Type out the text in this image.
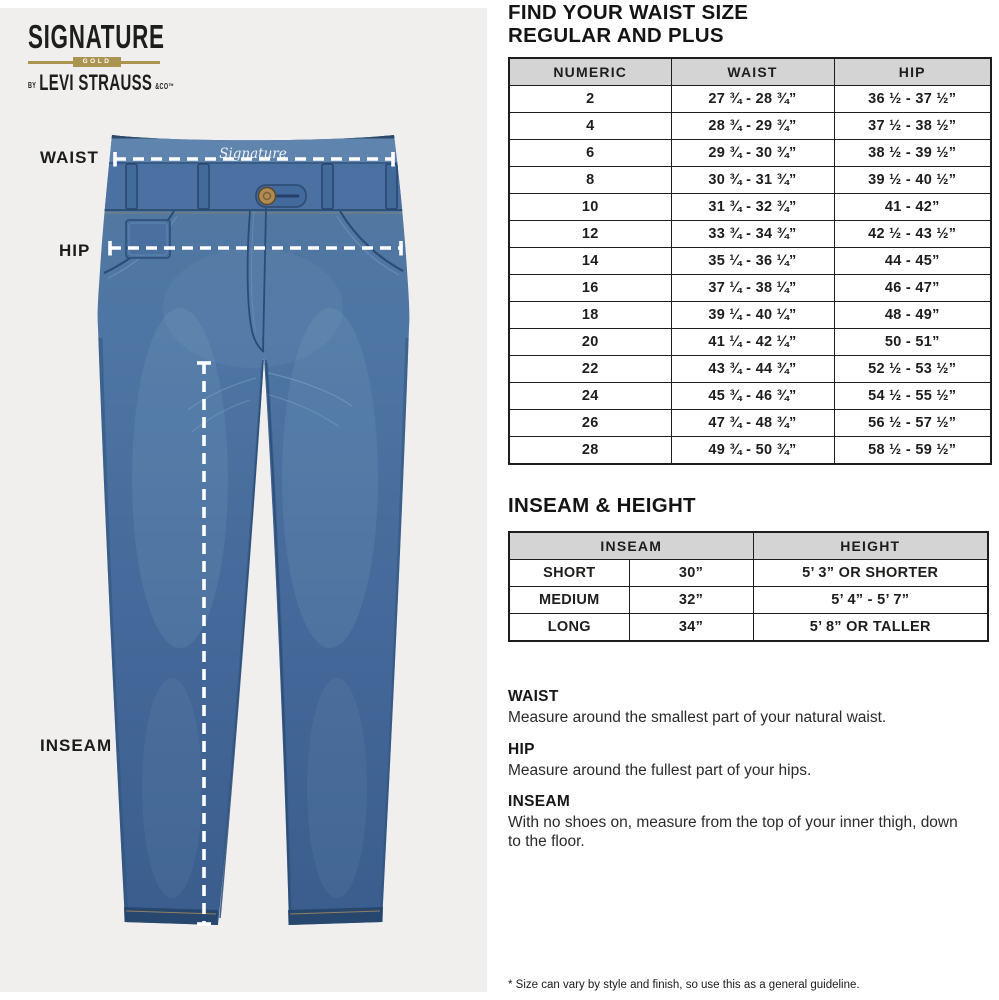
Signature
SIGNATURE
GOLD
BY LEVI STRAUSS &CO™
WAIST
HIP
INSEAM
FIND YOUR WAIST SIZE
REGULAR AND PLUS
NUMERIC	WAIST	HIP
2	27 ¾ - 28 ¾”	36 ½ - 37 ½”
4	28 ¾ - 29 ¾”	37 ½ - 38 ½”
6	29 ¾ - 30 ¾”	38 ½ - 39 ½”
8	30 ¾ - 31 ¾”	39 ½ - 40 ½”
10	31 ¾ - 32 ¾”	41 - 42”
12	33 ¾ - 34 ¾”	42 ½ - 43 ½”
14	35 ¼ - 36 ¼”	44 - 45”
16	37 ¼ - 38 ¼”	46 - 47”
18	39 ¼ - 40 ¼”	48 - 49”
20	41 ¼ - 42 ¼”	50 - 51”
22	43 ¾ - 44 ¾”	52 ½ - 53 ½”
24	45 ¾ - 46 ¾”	54 ½ - 55 ½”
26	47 ¾ - 48 ¾”	56 ½ - 57 ½”
28	49 ¾ - 50 ¾”	58 ½ - 59 ½”
INSEAM & HEIGHT
INSEAM		HEIGHT
SHORT	30”	5’ 3” OR SHORTER
MEDIUM	32”	5’ 4” - 5’ 7”
LONG	34”	5’ 8” OR TALLER
WAIST
Measure around the smallest part of your natural waist.
HIP
Measure around the fullest part of your hips.
INSEAM
With no shoes on, measure from the top of your inner thigh, down to the floor.
* Size can vary by style and finish, so use this as a general guideline.
